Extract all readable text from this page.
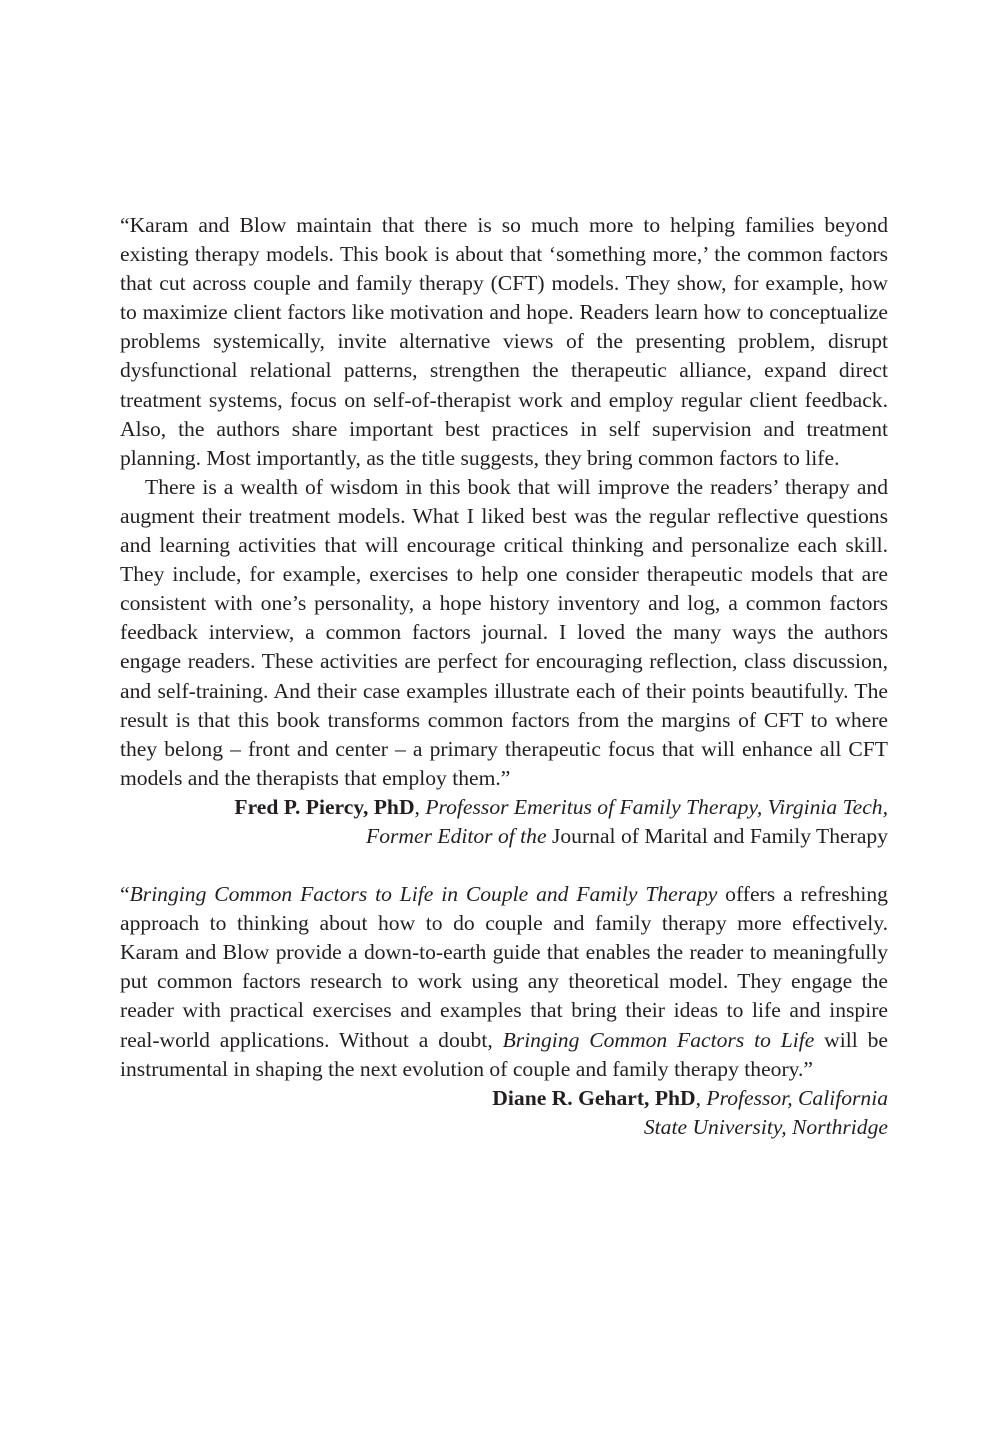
“Karam and Blow maintain that there is so much more to helping families beyond existing therapy models. This book is about that ‘something more,’ the common factors that cut across couple and family therapy (CFT) models. They show, for example, how to maximize client factors like motivation and hope. Readers learn how to conceptualize problems systemically, invite alternative views of the presenting problem, disrupt dysfunctional relational patterns, strengthen the therapeutic alliance, expand direct treatment systems, focus on self-of-therapist work and employ regular client feedback. Also, the authors share important best practices in self supervision and treatment planning. Most importantly, as the title suggests, they bring common factors to life.

There is a wealth of wisdom in this book that will improve the readers’ therapy and augment their treatment models. What I liked best was the regular reflective questions and learning activities that will encourage critical thinking and personalize each skill. They include, for example, exercises to help one consider therapeutic models that are consistent with one’s personality, a hope history inventory and log, a common factors feedback interview, a common factors journal. I loved the many ways the authors engage readers. These activities are perfect for encouraging reflection, class discussion, and self-training. And their case examples illustrate each of their points beautifully. The result is that this book transforms common factors from the margins of CFT to where they belong – front and center – a primary therapeutic focus that will enhance all CFT models and the therapists that employ them.”

Fred P. Piercy, PhD, Professor Emeritus of Family Therapy, Virginia Tech,
Former Editor of the Journal of Marital and Family Therapy

“Bringing Common Factors to Life in Couple and Family Therapy offers a refreshing approach to thinking about how to do couple and family therapy more effectively. Karam and Blow provide a down-to-earth guide that enables the reader to meaningfully put common factors research to work using any theoretical model. They engage the reader with practical exercises and examples that bring their ideas to life and inspire real-world applications. Without a doubt, Bringing Common Factors to Life will be instrumental in shaping the next evolution of couple and family therapy theory.”

Diane R. Gehart, PhD, Professor, California
State University, Northridge
